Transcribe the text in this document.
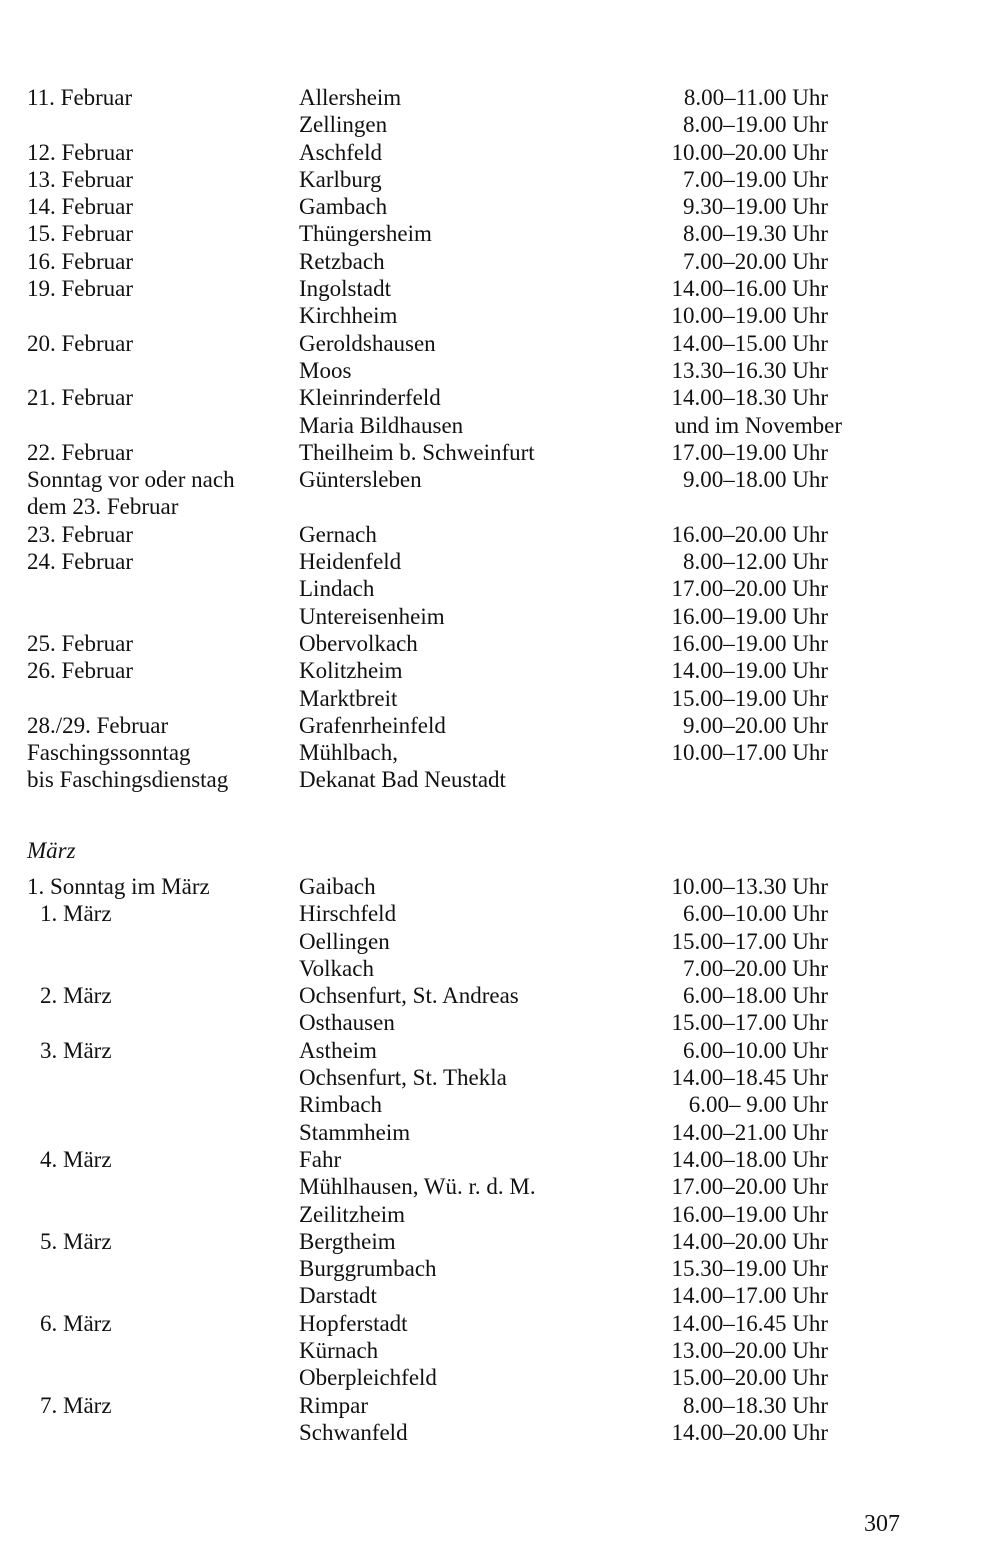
11. Februar	Allersheim	8.00–11.00 Uhr
Zellingen	8.00–19.00 Uhr
12. Februar	Aschfeld	10.00–20.00 Uhr
13. Februar	Karlburg	7.00–19.00 Uhr
14. Februar	Gambach	9.30–19.00 Uhr
15. Februar	Thüngersheim	8.00–19.30 Uhr
16. Februar	Retzbach	7.00–20.00 Uhr
19. Februar	Ingolstadt	14.00–16.00 Uhr
Kirchheim	10.00–19.00 Uhr
20. Februar	Geroldshausen	14.00–15.00 Uhr
Moos	13.30–16.30 Uhr
21. Februar	Kleinrinderfeld	14.00–18.30 Uhr
Maria Bildhausen	und im November
22. Februar	Theilheim b. Schweinfurt	17.00–19.00 Uhr
Sonntag vor oder nach	Güntersleben	9.00–18.00 Uhr
dem 23. Februar
23. Februar	Gernach	16.00–20.00 Uhr
24. Februar	Heidenfeld	8.00–12.00 Uhr
Lindach	17.00–20.00 Uhr
Untereisenheim	16.00–19.00 Uhr
25. Februar	Obervolkach	16.00–19.00 Uhr
26. Februar	Kolitzheim	14.00–19.00 Uhr
Marktbreit	15.00–19.00 Uhr
28./29. Februar	Grafenrheinfeld	9.00–20.00 Uhr
Faschingssonntag	Mühlbach,	10.00–17.00 Uhr
bis Faschingsdienstag	Dekanat Bad Neustadt
März
1. Sonntag im März	Gaibach	10.00–13.30 Uhr
1. März	Hirschfeld	6.00–10.00 Uhr
Oellingen	15.00–17.00 Uhr
Volkach	7.00–20.00 Uhr
2. März	Ochsenfurt, St. Andreas	6.00–18.00 Uhr
Osthausen	15.00–17.00 Uhr
3. März	Astheim	6.00–10.00 Uhr
Ochsenfurt, St. Thekla	14.00–18.45 Uhr
Rimbach	6.00– 9.00 Uhr
Stammheim	14.00–21.00 Uhr
4. März	Fahr	14.00–18.00 Uhr
Mühlhausen, Wü. r. d. M.	17.00–20.00 Uhr
Zeilitzheim	16.00–19.00 Uhr
5. März	Bergtheim	14.00–20.00 Uhr
Burggrumbach	15.30–19.00 Uhr
Darstadt	14.00–17.00 Uhr
6. März	Hopferstadt	14.00–16.45 Uhr
Kürnach	13.00–20.00 Uhr
Oberpleichfeld	15.00–20.00 Uhr
7. März	Rimpar	8.00–18.30 Uhr
Schwanfeld	14.00–20.00 Uhr
307
